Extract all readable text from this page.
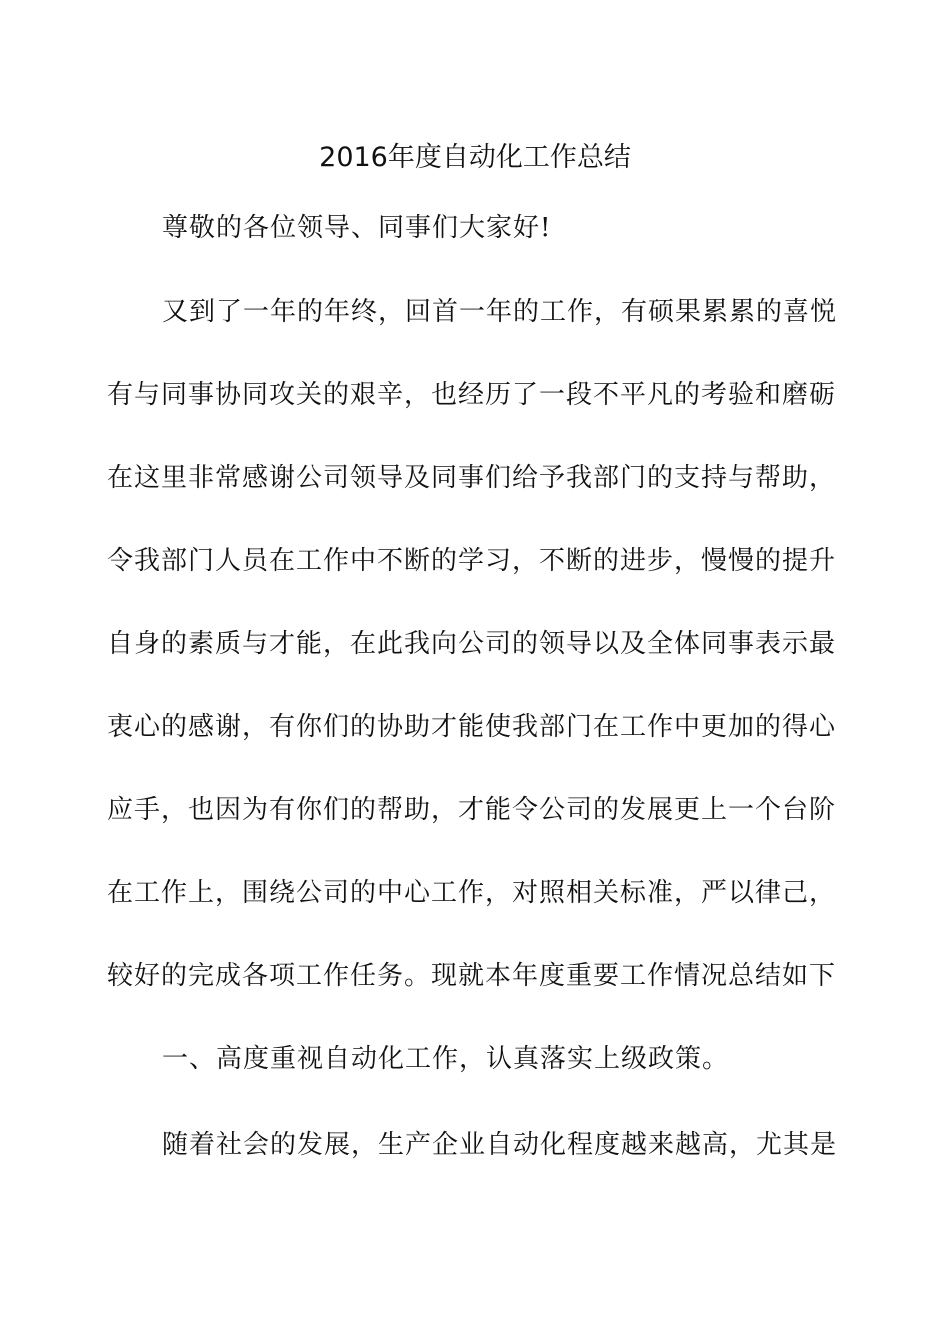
2016年度自动化工作总结
尊敬的各位领导、同事们大家好!
又到了一年的年终，回首一年的工作，有硕果累累的喜悦
有与同事协同攻关的艰辛，也经历了一段不平凡的考验和磨砺
在这里非常感谢公司领导及同事们给予我部门的支持与帮助，
令我部门人员在工作中不断的学习，不断的进步，慢慢的提升
自身的素质与才能，在此我向公司的领导以及全体同事表示最
衷心的感谢，有你们的协助才能使我部门在工作中更加的得心
应手，也因为有你们的帮助，才能令公司的发展更上一个台阶
在工作上，围绕公司的中心工作，对照相关标准，严以律己，
较好的完成各项工作任务。现就本年度重要工作情况总结如下
一、高度重视自动化工作，认真落实上级政策。
随着社会的发展，生产企业自动化程度越来越高，尤其是
